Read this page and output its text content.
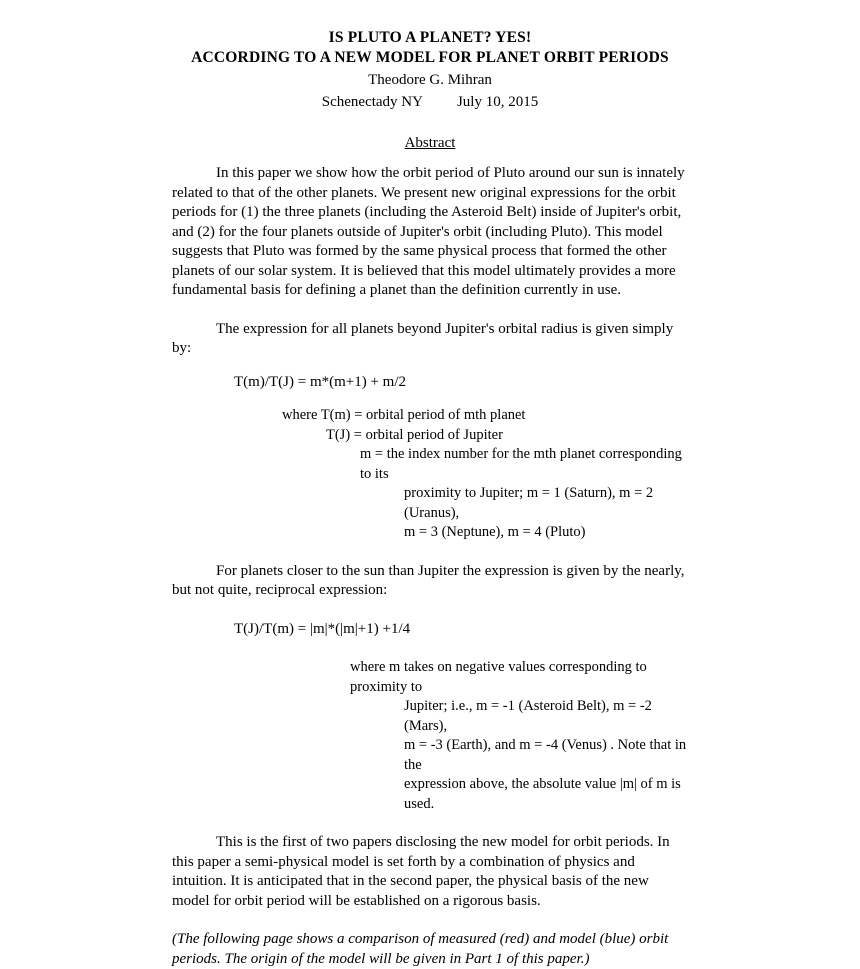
IS PLUTO A PLANET? YES!
ACCORDING TO A NEW MODEL FOR PLANET ORBIT PERIODS
Theodore G. Mihran
Schenectady NY July 10, 2015
Abstract

In this paper we show how the orbit period of Pluto around our sun is innately related to that of the other planets. We present new original expressions for the orbit periods for (1) the three planets (including the Asteroid Belt) inside of Jupiter's orbit, and (2) for the four planets outside of Jupiter's orbit (including Pluto). This model suggests that Pluto was formed by the same physical process that formed the other planets of our solar system. It is believed that this model ultimately provides a more fundamental basis for defining a planet than the definition currently in use.

The expression for all planets beyond Jupiter's orbital radius is given simply by:

T(m)/T(J) = m*(m+1) + m/2
where T(m) = orbital period of mth planet
T(J) = orbital period of Jupiter
m = the index number for the mth planet corresponding to its
proximity to Jupiter; m = 1 (Saturn), m = 2 (Uranus),
m = 3 (Neptune), m = 4 (Pluto)

For planets closer to the sun than Jupiter the expression is given by the nearly, but not quite, reciprocal expression:

T(J)/T(m) = |m|*(|m|+1) +1/4
where m takes on negative values corresponding to proximity to
Jupiter; i.e., m = -1 (Asteroid Belt), m = -2 (Mars),
m = -3 (Earth), and m = -4 (Venus) . Note that in the
expression above, the absolute value |m| of m is used.

This is the first of two papers disclosing the new model for orbit periods. In this paper a semi-physical model is set forth by a combination of physics and intuition. It is anticipated that in the second paper, the physical basis of the new model for orbit period will be established on a rigorous basis.

(The following page shows a comparison of measured (red) and model (blue) orbit periods. The origin of the model will be given in Part 1 of this paper.)
